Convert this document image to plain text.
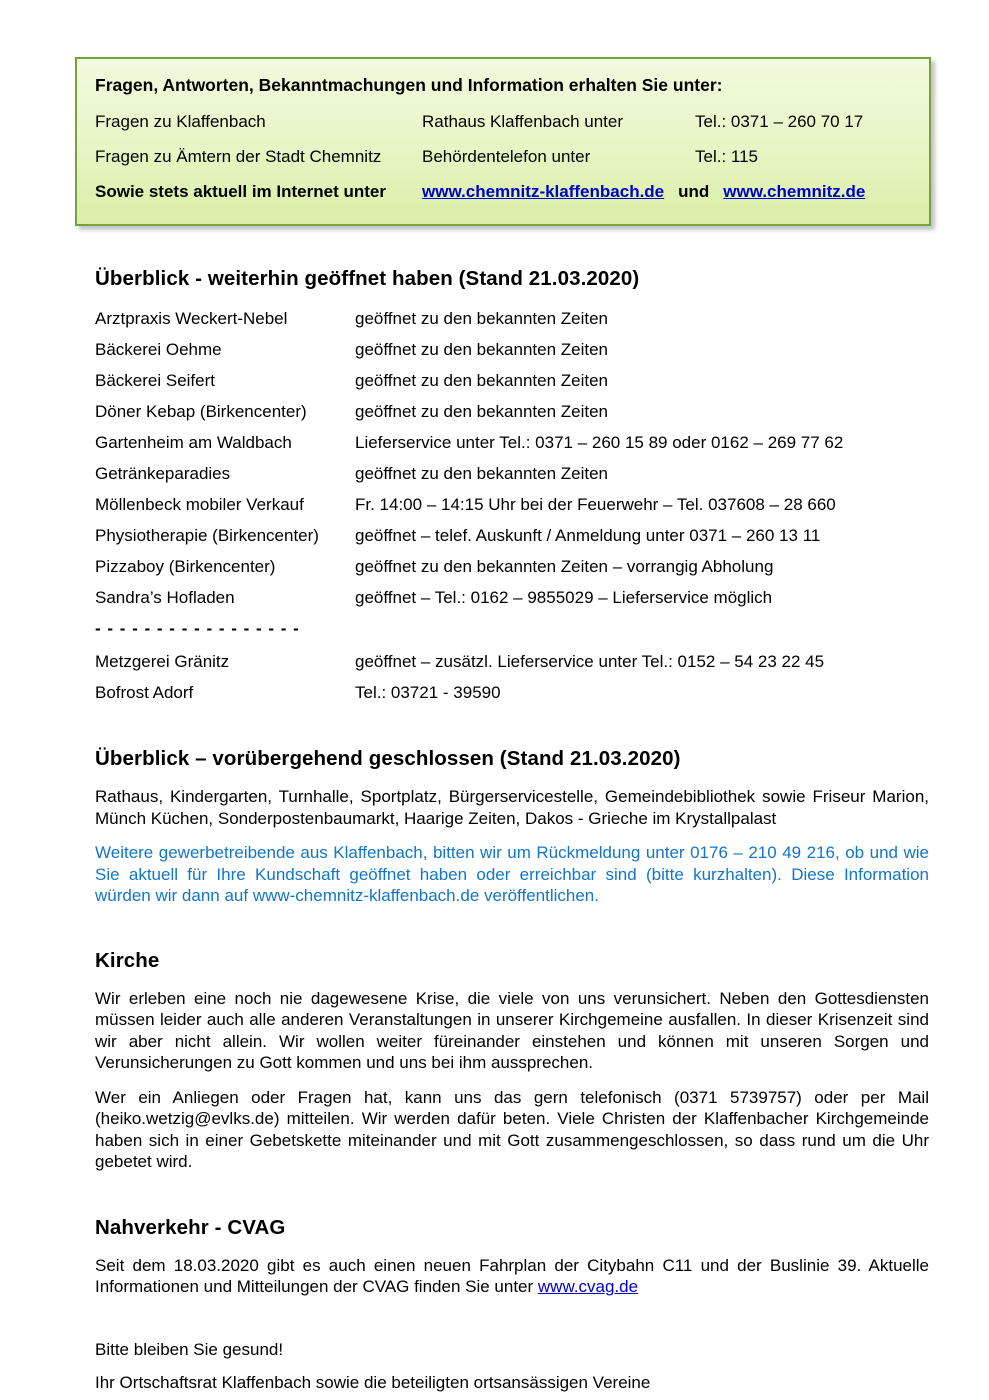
Fragen, Antworten, Bekanntmachungen und Information erhalten Sie unter:
Fragen zu Klaffenbach	Rathaus Klaffenbach unter	Tel.: 0371 – 260 70 17
Fragen zu Ämtern der Stadt Chemnitz	Behördentelefon unter	Tel.: 115
Sowie stets aktuell im Internet unter	www.chemnitz-klaffenbach.de und www.chemnitz.de
Überblick - weiterhin geöffnet haben (Stand 21.03.2020)
Arztpraxis Weckert-Nebel	geöffnet zu den bekannten Zeiten
Bäckerei Oehme	geöffnet zu den bekannten Zeiten
Bäckerei Seifert	geöffnet zu den bekannten Zeiten
Döner Kebap (Birkencenter)	geöffnet zu den bekannten Zeiten
Gartenheim am Waldbach	Lieferservice unter Tel.: 0371 – 260 15 89 oder 0162 – 269 77 62
Getränkeparadies	geöffnet zu den bekannten Zeiten
Möllenbeck mobiler Verkauf	Fr. 14:00 – 14:15 Uhr bei der Feuerwehr – Tel. 037608 – 28 660
Physiotherapie (Birkencenter)	geöffnet – telef. Auskunft / Anmeldung unter 0371 – 260 13 11
Pizzaboy (Birkencenter)	geöffnet zu den bekannten Zeiten – vorrangig Abholung
Sandra’s Hofladen	geöffnet – Tel.: 0162 – 9855029 – Lieferservice möglich
- - - - - - - - - - - - - - - - -
Metzgerei Gränitz	geöffnet – zusätzl. Lieferservice unter Tel.: 0152 – 54 23 22 45
Bofrost Adorf	Tel.: 03721 - 39590
Überblick – vorübergehend geschlossen (Stand 21.03.2020)

Rathaus, Kindergarten, Turnhalle, Sportplatz, Bürgerservicestelle, Gemeindebibliothek sowie Friseur Marion, Münch Küchen, Sonderpostenbaumarkt, Haarige Zeiten, Dakos - Grieche im Krystallpalast

Weitere gewerbetreibende aus Klaffenbach, bitten wir um Rückmeldung unter 0176 – 210 49 216, ob und wie Sie aktuell für Ihre Kundschaft geöffnet haben oder erreichbar sind (bitte kurzhalten). Diese Information würden wir dann auf www-chemnitz-klaffenbach.de veröffentlichen.

Kirche

Wir erleben eine noch nie dagewesene Krise, die viele von uns verunsichert. Neben den Gottesdiensten müssen leider auch alle anderen Veranstaltungen in unserer Kirchgemeine ausfallen. In dieser Krisenzeit sind wir aber nicht allein. Wir wollen weiter füreinander einstehen und können mit unseren Sorgen und Verunsicherungen zu Gott kommen und uns bei ihm aussprechen.

Wer ein Anliegen oder Fragen hat, kann uns das gern telefonisch (0371 5739757) oder per Mail (heiko.wetzig@evlks.de) mitteilen. Wir werden dafür beten. Viele Christen der Klaffenbacher Kirchgemeinde haben sich in einer Gebetskette miteinander und mit Gott zusammengeschlossen, so dass rund um die Uhr gebetet wird.

Nahverkehr - CVAG

Seit dem 18.03.2020 gibt es auch einen neuen Fahrplan der Citybahn C11 und der Buslinie 39. Aktuelle Informationen und Mitteilungen der CVAG finden Sie unter www.cvag.de

Bitte bleiben Sie gesund!

Ihr Ortschaftsrat Klaffenbach sowie die beteiligten ortsansässigen Vereine
